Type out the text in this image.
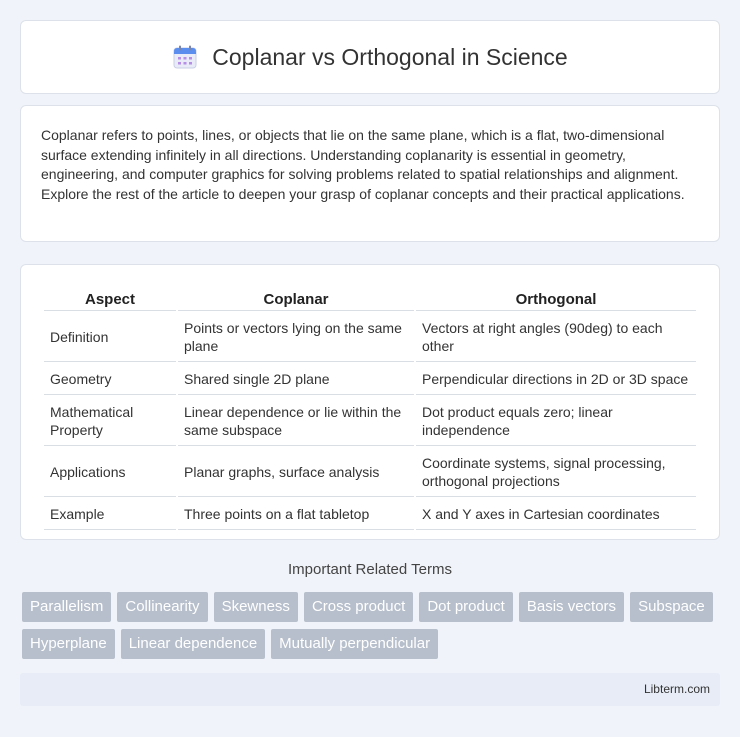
Coplanar vs Orthogonal in Science

Coplanar refers to points, lines, or objects that lie on the same plane, which is a flat, two-dimensional surface extending infinitely in all directions. Understanding coplanarity is essential in geometry, engineering, and computer graphics for solving problems related to spatial relationships and alignment. Explore the rest of the article to deepen your grasp of coplanar concepts and their practical applications.

Aspect	Coplanar	Orthogonal
Definition	Points or vectors lying on the same plane	Vectors at right angles (90deg) to each other
Geometry	Shared single 2D plane	Perpendicular directions in 2D or 3D space
Mathematical Property	Linear dependence or lie within the same subspace	Dot product equals zero; linear independence
Applications	Planar graphs, surface analysis	Coordinate systems, signal processing, orthogonal projections
Example	Three points on a flat tabletop	X and Y axes in Cartesian coordinates
Important Related Terms
Parallelism	Collinearity	Skewness	Cross product	Dot product	Basis vectors	Subspace
Hyperplane	Linear dependence	Mutually perpendicular
Libterm.com
